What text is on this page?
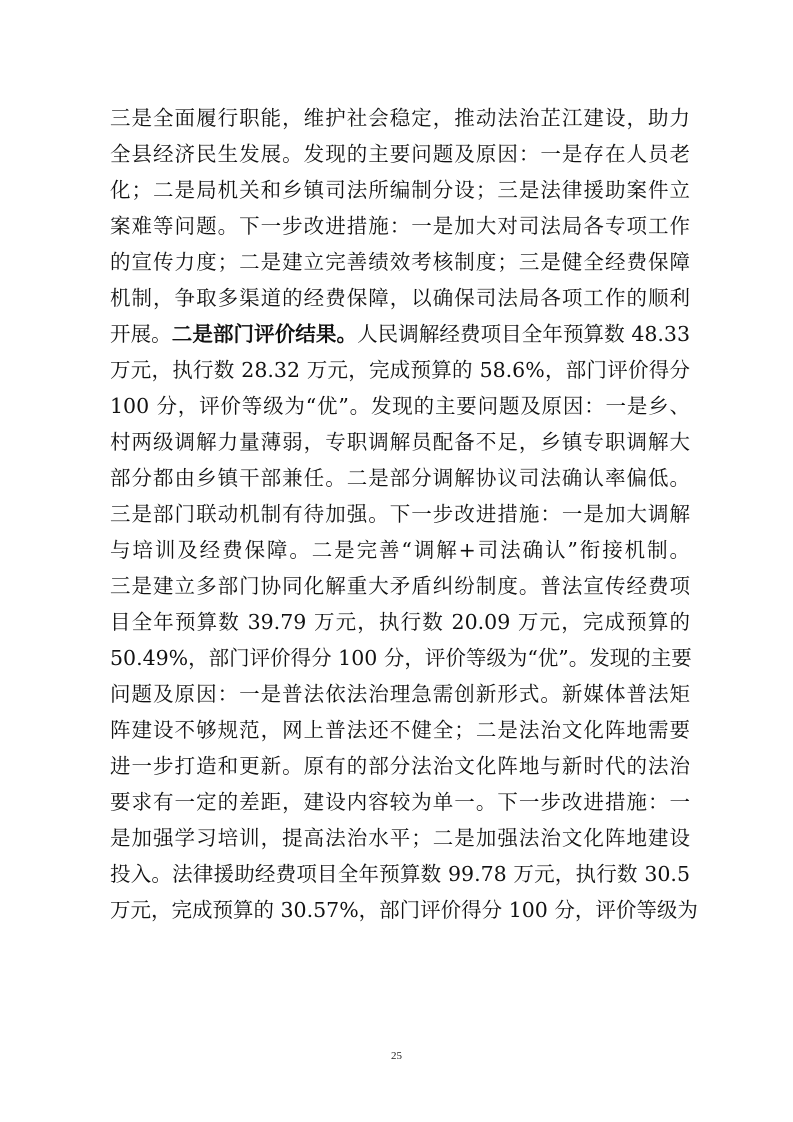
三是全面履行职能，维护社会稳定，推动法治芷江建设，助力
全县经济民生发展。发现的主要问题及原因：一是存在人员老
化；二是局机关和乡镇司法所编制分设；三是法律援助案件立
案难等问题。下一步改进措施：一是加大对司法局各专项工作
的宣传力度；二是建立完善绩效考核制度；三是健全经费保障
机制，争取多渠道的经费保障，以确保司法局各项工作的顺利
开展。二是部门评价结果。人民调解经费项目全年预算数 48.33
万元，执行数 28.32 万元，完成预算的 58.6%，部门评价得分
100 分，评价等级为“优”。发现的主要问题及原因：一是乡、
村两级调解力量薄弱，专职调解员配备不足，乡镇专职调解大
部分都由乡镇干部兼任。二是部分调解协议司法确认率偏低。
三是部门联动机制有待加强。下一步改进措施：一是加大调解
与培训及经费保障。二是完善“调解+司法确认”衔接机制。
三是建立多部门协同化解重大矛盾纠纷制度。普法宣传经费项
目全年预算数 39.79 万元，执行数 20.09 万元，完成预算的
50.49%，部门评价得分 100 分，评价等级为“优”。发现的主要
问题及原因：一是普法依法治理急需创新形式。新媒体普法矩
阵建设不够规范，网上普法还不健全；二是法治文化阵地需要
进一步打造和更新。原有的部分法治文化阵地与新时代的法治
要求有一定的差距，建设内容较为单一。下一步改进措施：一
是加强学习培训，提高法治水平；二是加强法治文化阵地建设
投入。法律援助经费项目全年预算数 99.78 万元，执行数 30.5
万元，完成预算的 30.57%，部门评价得分 100 分，评价等级为
25
